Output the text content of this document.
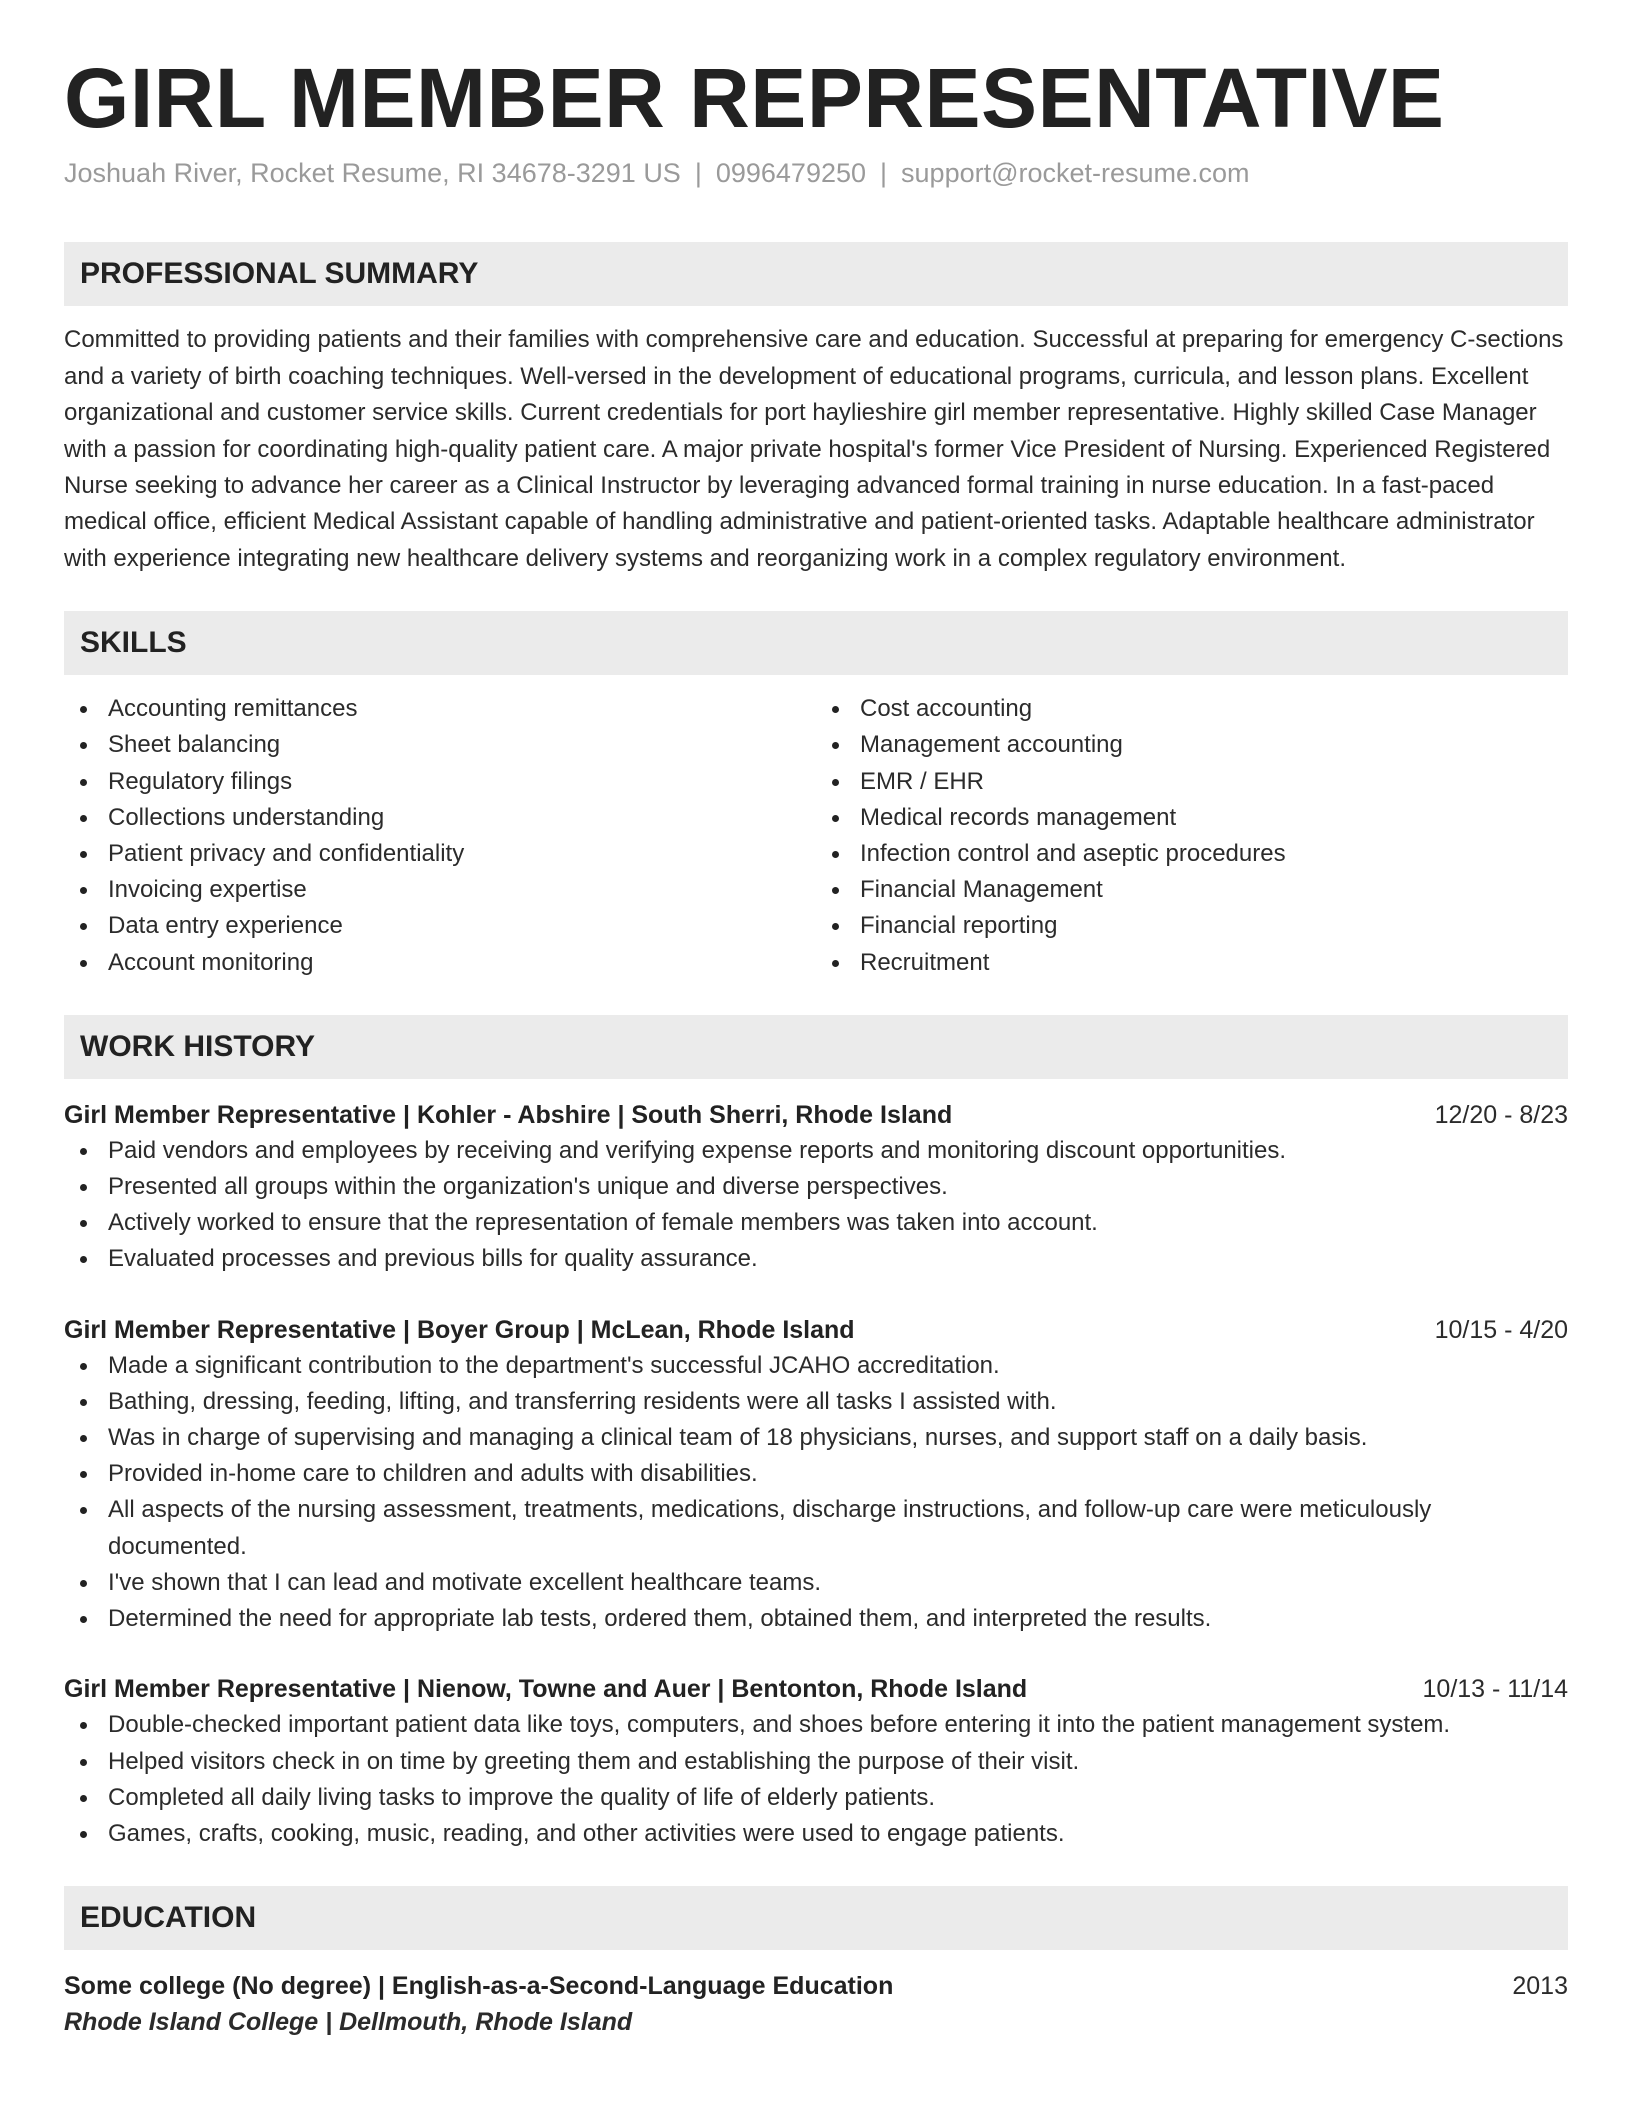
GIRL MEMBER REPRESENTATIVE
Joshuah River, Rocket Resume, RI 34678-3291 US | 0996479250 | support@rocket-resume.com
PROFESSIONAL SUMMARY
Committed to providing patients and their families with comprehensive care and education. Successful at preparing for emergency C-sections and a variety of birth coaching techniques. Well-versed in the development of educational programs, curricula, and lesson plans. Excellent organizational and customer service skills. Current credentials for port haylieshire girl member representative. Highly skilled Case Manager with a passion for coordinating high-quality patient care. A major private hospital's former Vice President of Nursing. Experienced Registered Nurse seeking to advance her career as a Clinical Instructor by leveraging advanced formal training in nurse education. In a fast-paced medical office, efficient Medical Assistant capable of handling administrative and patient-oriented tasks. Adaptable healthcare administrator with experience integrating new healthcare delivery systems and reorganizing work in a complex regulatory environment.
SKILLS
Accounting remittances
Sheet balancing
Regulatory filings
Collections understanding
Patient privacy and confidentiality
Invoicing expertise
Data entry experience
Account monitoring
Cost accounting
Management accounting
EMR / EHR
Medical records management
Infection control and aseptic procedures
Financial Management
Financial reporting
Recruitment
WORK HISTORY
Girl Member Representative | Kohler - Abshire | South Sherri, Rhode Island	12/20 - 8/23
Paid vendors and employees by receiving and verifying expense reports and monitoring discount opportunities.
Presented all groups within the organization's unique and diverse perspectives.
Actively worked to ensure that the representation of female members was taken into account.
Evaluated processes and previous bills for quality assurance.
Girl Member Representative | Boyer Group | McLean, Rhode Island	10/15 - 4/20
Made a significant contribution to the department's successful JCAHO accreditation.
Bathing, dressing, feeding, lifting, and transferring residents were all tasks I assisted with.
Was in charge of supervising and managing a clinical team of 18 physicians, nurses, and support staff on a daily basis.
Provided in-home care to children and adults with disabilities.
All aspects of the nursing assessment, treatments, medications, discharge instructions, and follow-up care were meticulously documented.
I've shown that I can lead and motivate excellent healthcare teams.
Determined the need for appropriate lab tests, ordered them, obtained them, and interpreted the results.
Girl Member Representative | Nienow, Towne and Auer | Bentonton, Rhode Island	10/13 - 11/14
Double-checked important patient data like toys, computers, and shoes before entering it into the patient management system.
Helped visitors check in on time by greeting them and establishing the purpose of their visit.
Completed all daily living tasks to improve the quality of life of elderly patients.
Games, crafts, cooking, music, reading, and other activities were used to engage patients.
EDUCATION
Some college (No degree) | English-as-a-Second-Language Education	2013
Rhode Island College | Dellmouth, Rhode Island
